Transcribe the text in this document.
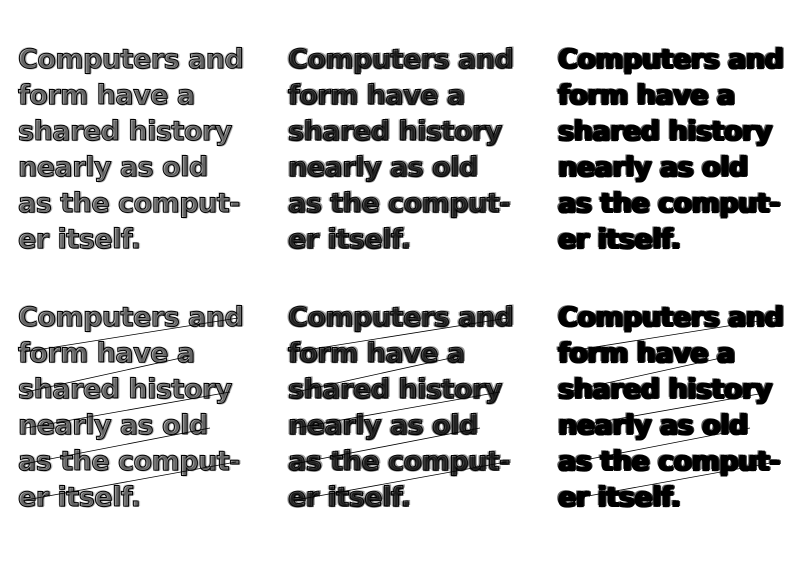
Computers and
form have a
shared history
nearly as old
as the comput-
er itself.
Computers and
form have a
shared history
nearly as old
as the comput-
er itself.
Computers and
form have a
shared history
nearly as old
as the comput-
er itself.
Computers and
form have a
shared history
nearly as old
as the comput-
er itself.
Computers and
form have a
shared history
nearly as old
as the comput-
er itself.
Computers and
form have a
shared history
nearly as old
as the comput-
er itself.
